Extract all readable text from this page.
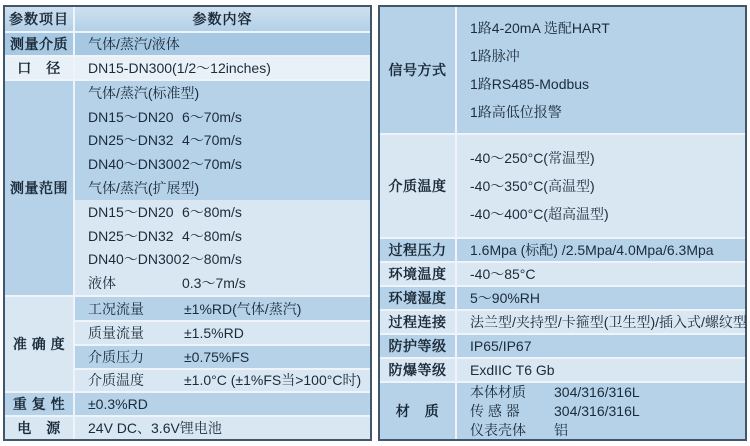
参数项目	参数内容
测量介质	气体/蒸汽/液体
口　径	DN15-DN300(1/2～12inches)
测量范围
气体/蒸汽(标准型)
DN15～DN20 6～70m/s
DN25～DN32 4～70m/s
DN40～DN300 2～70m/s
气体/蒸汽(扩展型)
DN15～DN20 6～80m/s
DN25～DN32 4～80m/s
DN40～DN300 2～80m/s
液体	0.3～7m/s
准 确 度
工况流量	±1%RD(气体/蒸汽)
质量流量	±1.5%RD
介质压力	±0.75%FS
介质温度	±1.0°C (±1%FS当>100°C时)
重 复 性	±0.3%RD
电　源	24V DC、3.6V锂电池
信号方式
1路4-20mA 选配HART
1路脉冲
1路RS485-Modbus
1路高低位报警
介质温度
-40～250°C(常温型)
-40～350°C(高温型)
-40～400°C(超高温型)
过程压力	1.6Mpa (标配) /2.5Mpa/4.0Mpa/6.3Mpa
环境温度	-40～85°C
环境湿度	5～90%RH
过程连接	法兰型/夹持型/卡箍型(卫生型)/插入式/螺纹型
防护等级	IP65/IP67
防爆等级	ExdIIC T6 Gb
材　质
本体材质	304/316/316L
传 感 器	304/316/316L
仪表壳体	铝
